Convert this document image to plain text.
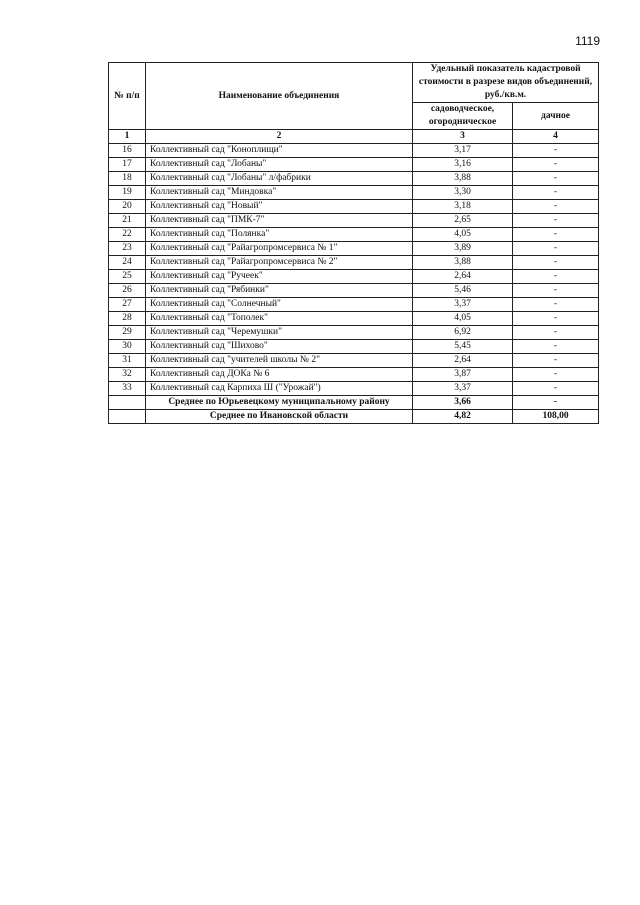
1119
№ п/п	Наименование объединения	Удельный показатель кадастровой стоимости в разрезе видов объединений, руб./кв.м.	
		садоводческое, огородническое	дачное
1	2	3	4
16	Коллективный сад "Коноплищи"	3,17	-
17	Коллективный сад "Лобаны"	3,16	-
18	Коллективный сад "Лобаны" л/фабрики	3,88	-
19	Коллективный сад "Миндовка"	3,30	-
20	Коллективный сад "Новый"	3,18	-
21	Коллективный сад "ПМК-7"	2,65	-
22	Коллективный сад "Полянка"	4,05	-
23	Коллективный сад "Райагропромсервиса № 1"	3,89	-
24	Коллективный сад "Райагропромсервиса № 2"	3,88	-
25	Коллективный сад "Ручеек"	2,64	-
26	Коллективный сад "Рябинки"	5,46	-
27	Коллективный сад "Солнечный"	3,37	-
28	Коллективный сад "Тополек"	4,05	-
29	Коллективный сад "Черемушки"	6,92	-
30	Коллективный сад "Шихово"	5,45	-
31	Коллективный сад "учителей школы № 2"	2,64	-
32	Коллективный сад ДОКа № 6	3,87	-
33	Коллективный сад Карпиха Ш ("Урожай")	3,37	-
	Среднее по Юрьевецкому муниципальному району	3,66	-
	Среднее по Ивановской области	4,82	108,00
